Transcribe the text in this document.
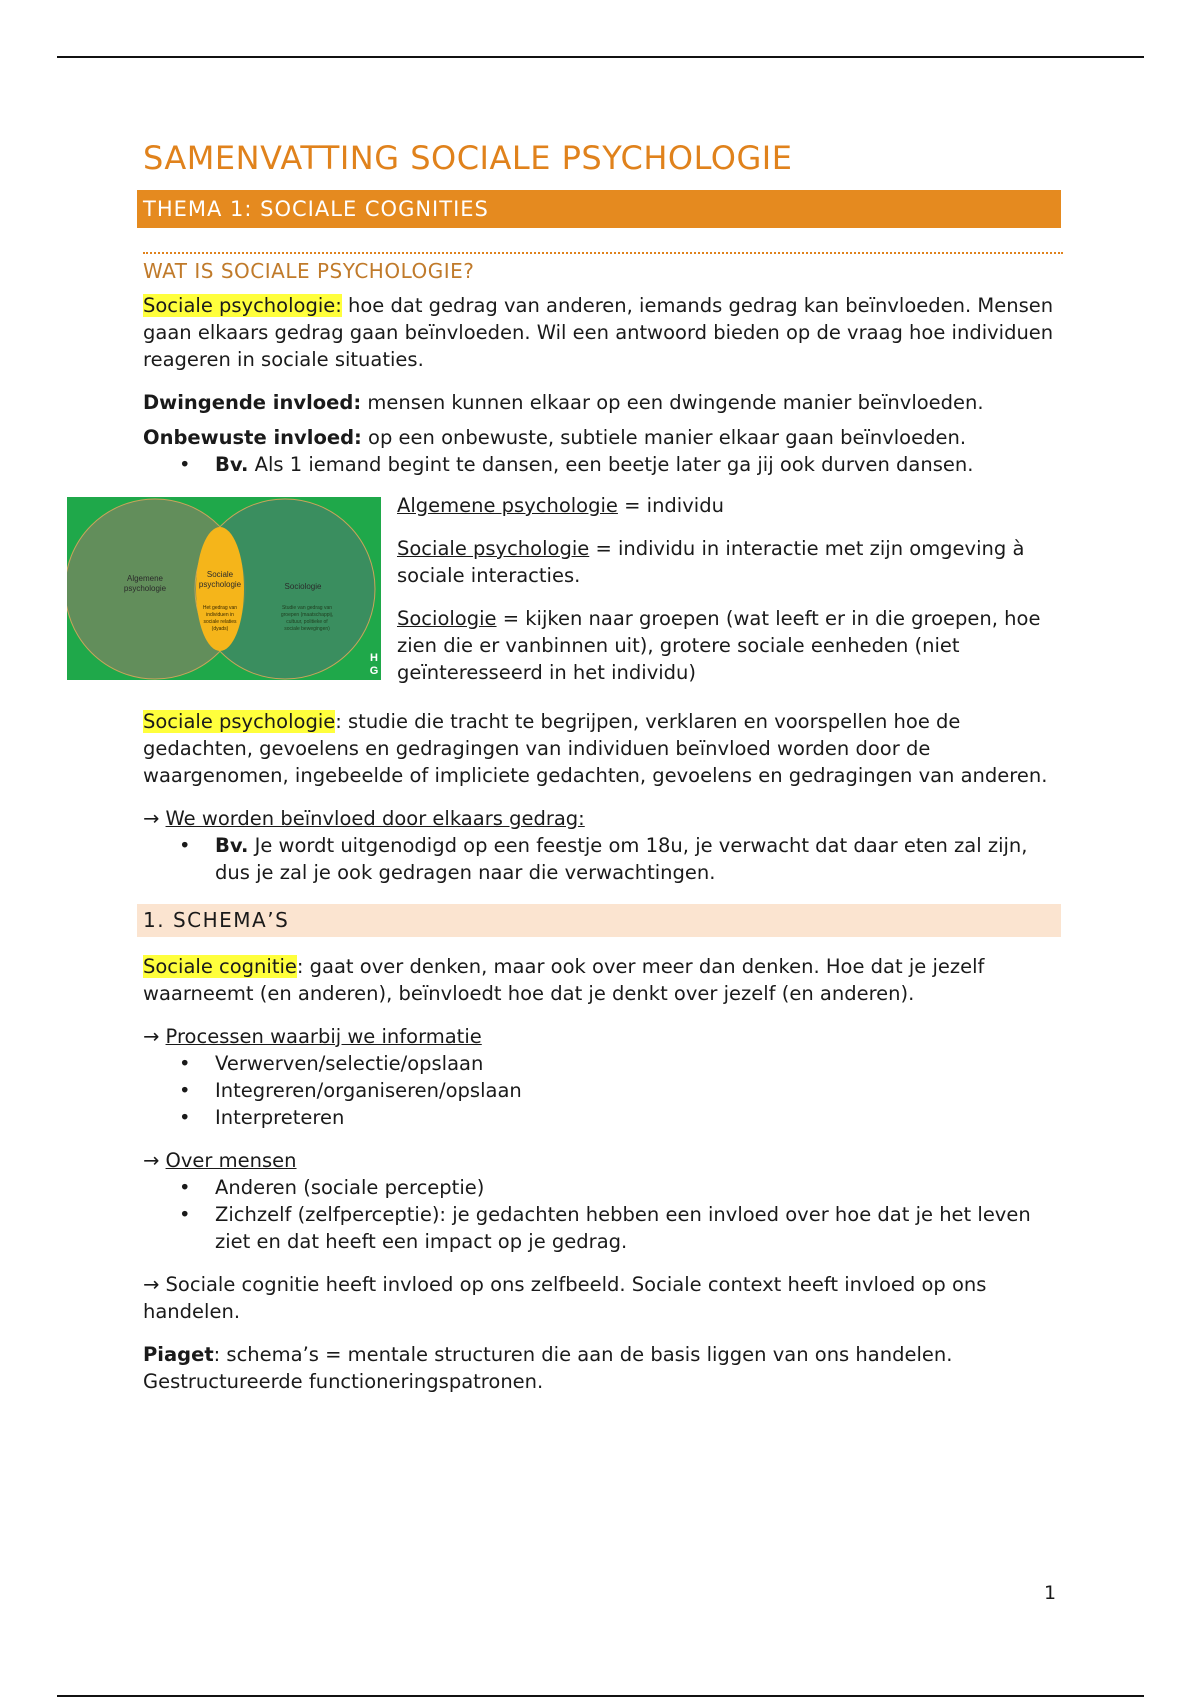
SAMENVATTING SOCIALE PSYCHOLOGIE
THEMA 1: SOCIALE COGNITIES
WAT IS SOCIALE PSYCHOLOGIE?

Sociale psychologie: hoe dat gedrag van anderen, iemands gedrag kan beïnvloeden. Mensen gaan elkaars gedrag gaan beïnvloeden. Wil een antwoord bieden op de vraag hoe individuen reageren in sociale situaties.

Dwingende invloed: mensen kunnen elkaar op een dwingende manier beïnvloeden.

Onbewuste invloed: op een onbewuste, subtiele manier elkaar gaan beïnvloeden.

• Bv. Als 1 iemand begint te dansen, een beetje later ga jij ook durven dansen.
Algemene
psychologie
Sociale
psychologie
Het gedrag van
individuen in
sociale relaties
(dyads)
Sociologie
Studie van gedrag van
groepen (maatschappij,
cultuur, politieke of
sociale bewegingen)
H
G

Algemene psychologie = individu

Sociale psychologie = individu in interactie met zijn omgeving à sociale interacties.

Sociologie = kijken naar groepen (wat leeft er in die groepen, hoe zien die er vanbinnen uit), grotere sociale eenheden (niet geïnteresseerd in het individu)

Sociale psychologie: studie die tracht te begrijpen, verklaren en voorspellen hoe de gedachten, gevoelens en gedragingen van individuen beïnvloed worden door de waargenomen, ingebeelde of impliciete gedachten, gevoelens en gedragingen van anderen.

→ We worden beïnvloed door elkaars gedrag:

• Bv. Je wordt uitgenodigd op een feestje om 18u, je verwacht dat daar eten zal zijn, dus je zal je ook gedragen naar die verwachtingen.
1. SCHEMA’S

Sociale cognitie: gaat over denken, maar ook over meer dan denken. Hoe dat je jezelf waarneemt (en anderen), beïnvloedt hoe dat je denkt over jezelf (en anderen).

→ Processen waarbij we informatie

• Verwerven/selectie/opslaan
• Integreren/organiseren/opslaan
• Interpreteren

→ Over mensen

• Anderen (sociale perceptie)
• Zichzelf (zelfperceptie): je gedachten hebben een invloed over hoe dat je het leven ziet en dat heeft een impact op je gedrag.

→ Sociale cognitie heeft invloed op ons zelfbeeld. Sociale context heeft invloed op ons handelen.

Piaget: schema’s = mentale structuren die aan de basis liggen van ons handelen. Gestructureerde functioneringspatronen.

1
